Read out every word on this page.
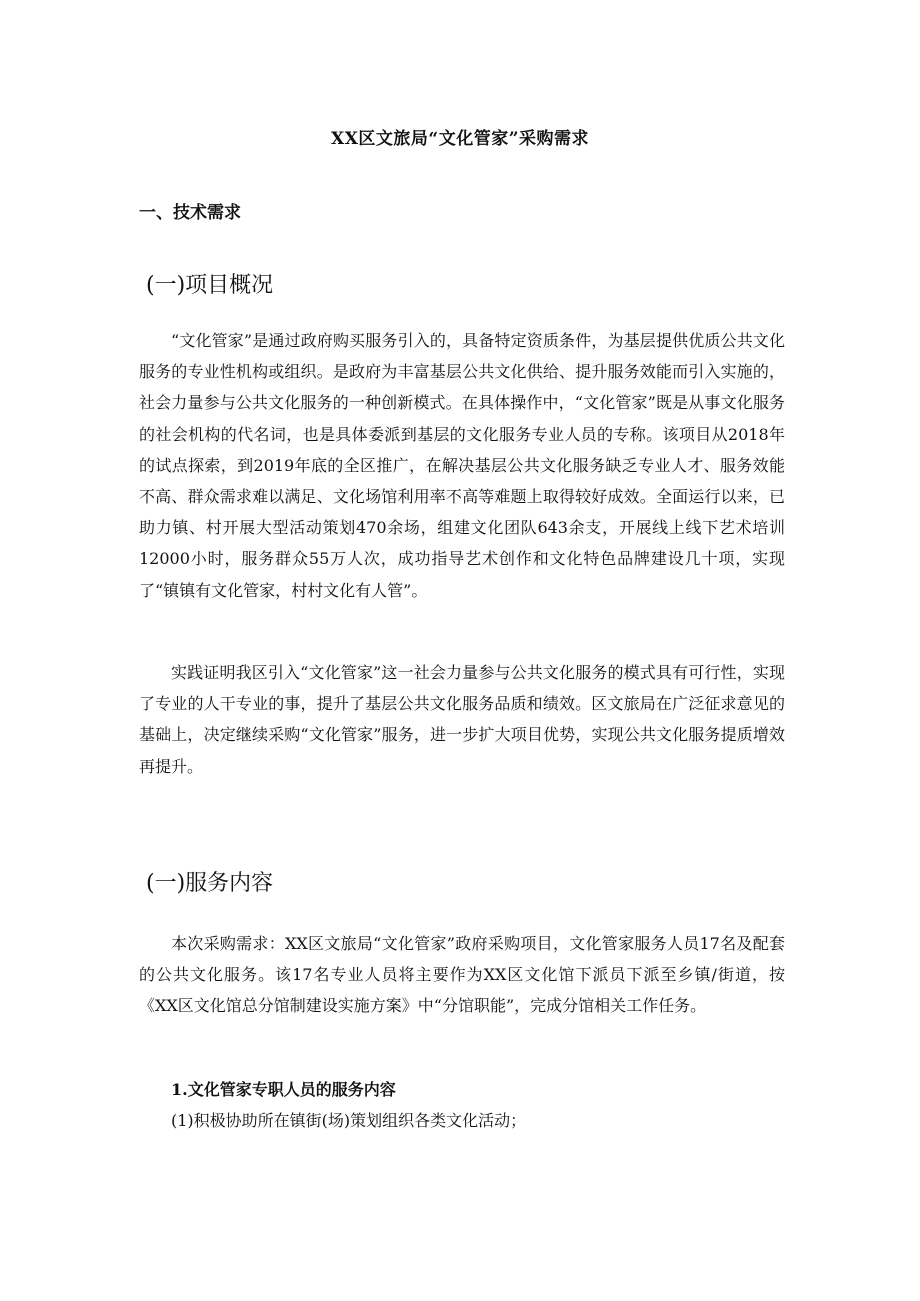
XX区文旅局“文化管家”采购需求
一、技术需求
(一)项目概况

“文化管家”是通过政府购买服务引入的，具备特定资质条件，为基层提供优质公共文化服务的专业性机构或组织。是政府为丰富基层公共文化供给、提升服务效能而引入实施的，社会力量参与公共文化服务的一种创新模式。在具体操作中，“文化管家”既是从事文化服务的社会机构的代名词，也是具体委派到基层的文化服务专业人员的专称。该项目从2018年的试点探索，到2019年底的全区推广，在解决基层公共文化服务缺乏专业人才、服务效能不高、群众需求难以满足、文化场馆利用率不高等难题上取得较好成效。全面运行以来，已助力镇、村开展大型活动策划470余场，组建文化团队643余支，开展线上线下艺术培训12000小时，服务群众55万人次，成功指导艺术创作和文化特色品牌建设几十项，实现了“镇镇有文化管家，村村文化有人管”。

实践证明我区引入“文化管家”这一社会力量参与公共文化服务的模式具有可行性，实现了专业的人干专业的事，提升了基层公共文化服务品质和绩效。区文旅局在广泛征求意见的基础上，决定继续采购“文化管家”服务，进一步扩大项目优势，实现公共文化服务提质增效再提升。

(一)服务内容

本次采购需求：XX区文旅局“文化管家”政府采购项目，文化管家服务人员17名及配套的公共文化服务。该17名专业人员将主要作为XX区文化馆下派员下派至乡镇/街道，按《XX区文化馆总分馆制建设实施方案》中“分馆职能”，完成分馆相关工作任务。

1.文化管家专职人员的服务内容
(1)积极协助所在镇街(场)策划组织各类文化活动；
